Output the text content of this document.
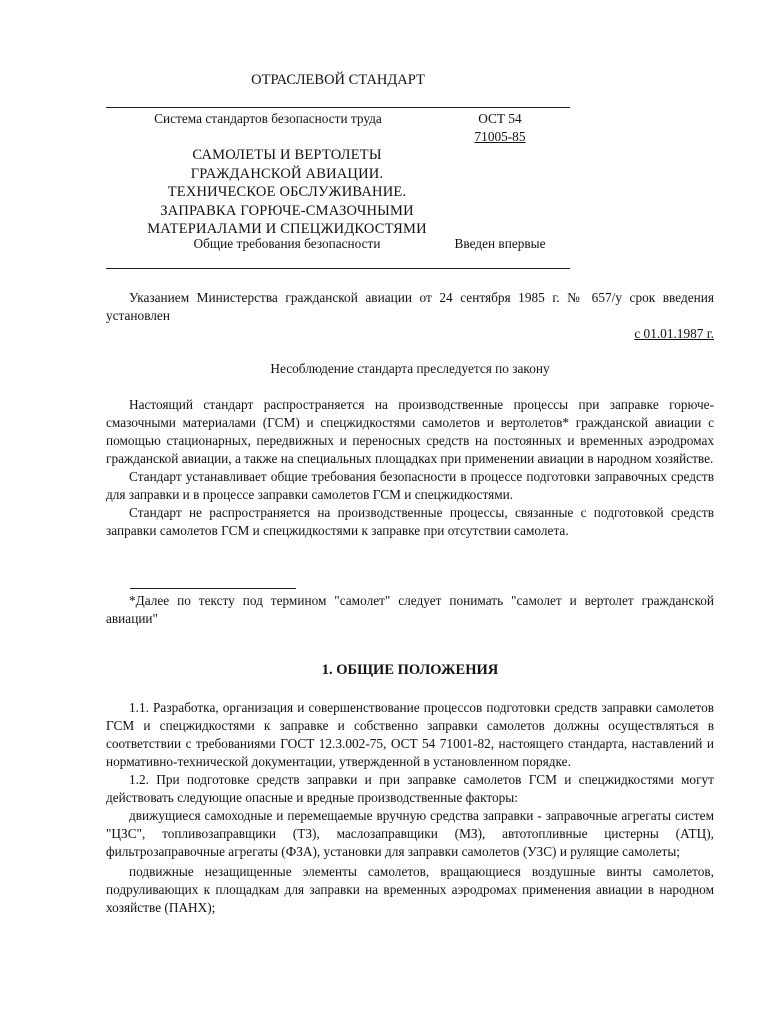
ОТРАСЛЕВОЙ СТАНДАРТ
Система стандартов безопасности труда	ОСТ 54
71005-85
САМОЛЕТЫ И ВЕРТОЛЕТЫ
ГРАЖДАНСКОЙ АВИАЦИИ.
ТЕХНИЧЕСКОЕ ОБСЛУЖИВАНИЕ.
ЗАПРАВКА ГОРЮЧЕ-СМАЗОЧНЫМИ
МАТЕРИАЛАМИ И СПЕЦЖИДКОСТЯМИ
Общие требования безопасности	Введен впервые

Указанием Министерства гражданской авиации от 24 сентября 1985 г. № 657/у срок введения установлен

с 01.01.1987 г.
Несоблюдение стандарта преследуется по закону

Настоящий стандарт распространяется на производственные процессы при заправке горюче-смазочными материалами (ГСМ) и спецжидкостями самолетов и вертолетов* гражданской авиации с помощью стационарных, передвижных и переносных средств на постоянных и временных аэродромах гражданской авиации, а также на специальных площадках при применении авиации в народном хозяйстве.

Стандарт устанавливает общие требования безопасности в процессе подготовки заправочных средств для заправки и в процессе заправки самолетов ГСМ и спецжидкостями.

Стандарт не распространяется на производственные процессы, связанные с подготовкой средств заправки самолетов ГСМ и спецжидкостями к заправке при отсутствии самолета.

*Далее по тексту под термином "самолет" следует понимать "самолет и вертолет гражданской авиации"

1. ОБЩИЕ ПОЛОЖЕНИЯ

1.1. Разработка, организация и совершенствование процессов подготовки средств заправки самолетов ГСМ и спецжидкостями к заправке и собственно заправки самолетов должны осуществляться в соответствии с требованиями ГОСТ 12.3.002-75, ОСТ 54 71001-82, настоящего стандарта, наставлений и нормативно-технической документации, утвержденной в установленном порядке.

1.2. При подготовке средств заправки и при заправке самолетов ГСМ и спецжидкостями могут действовать следующие опасные и вредные производственные факторы:

движущиеся самоходные и перемещаемые вручную средства заправки - заправочные агрегаты систем "ЦЗС", топливозаправщики (ТЗ), маслозаправщики (МЗ), автотопливные цистерны (АТЦ), фильтрозаправочные агрегаты (ФЗА), установки для заправки самолетов (УЗС) и рулящие самолеты;

подвижные незащищенные элементы самолетов, вращающиеся воздушные винты самолетов, подруливающих к площадкам для заправки на временных аэродромах применения авиации в народном хозяйстве (ПАНХ);
